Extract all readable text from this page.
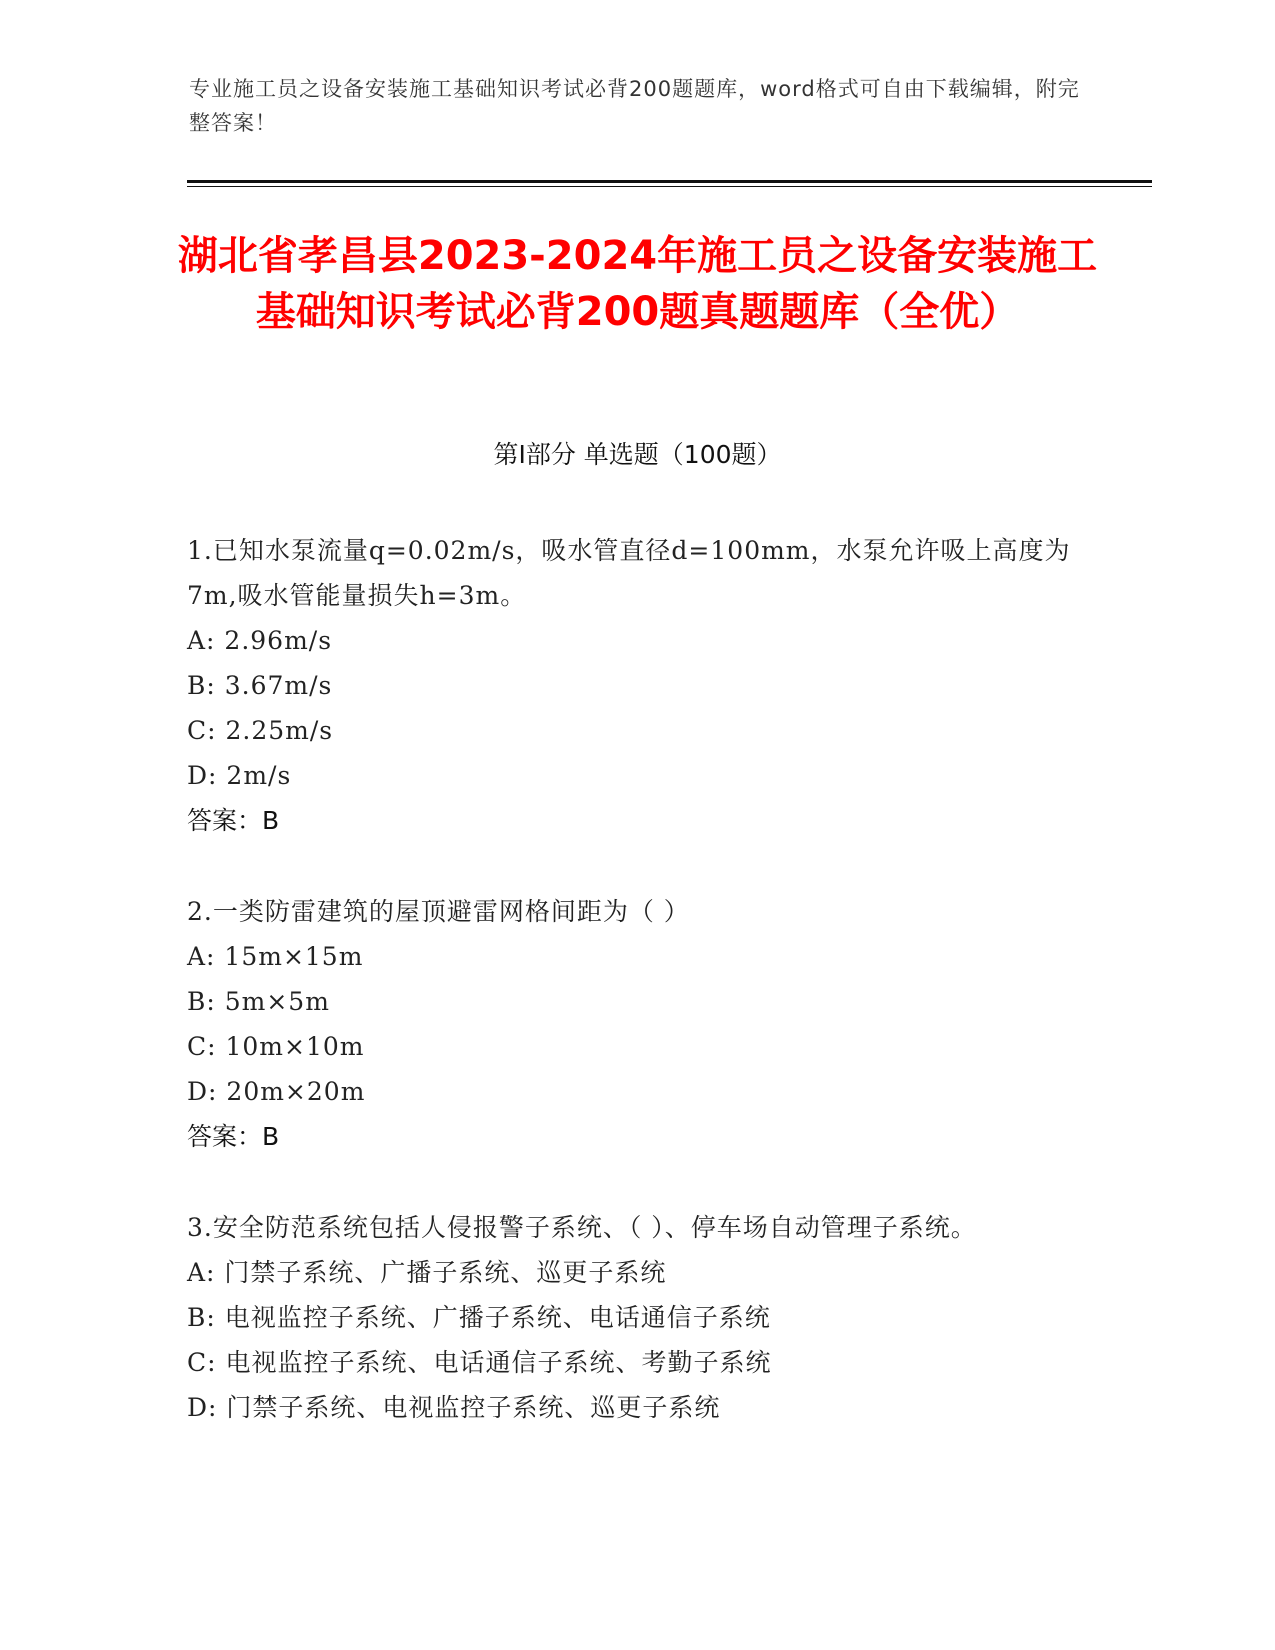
专业施工员之设备安装施工基础知识考试必背200题题库，word格式可自由下载编辑，附完整答案！
湖北省孝昌县2023-2024年施工员之设备安装施工基础知识考试必背200题真题题库（全优）
第Ⅰ部分 单选题（100题）
1.已知水泵流量q=0.02m/s，吸水管直径d=100mm，水泵允许吸上高度为7m,吸水管能量损失h=3m。
A: 2.96m/s
B: 3.67m/s
C: 2.25m/s
D: 2m/s
答案：B
2.一类防雷建筑的屋顶避雷网格间距为（ ）
A: 15m×15m
B: 5m×5m
C: 10m×10m
D: 20m×20m
答案：B
3.安全防范系统包括人侵报警子系统、（ ）、停车场自动管理子系统。
A: 门禁子系统、广播子系统、巡更子系统
B: 电视监控子系统、广播子系统、电话通信子系统
C: 电视监控子系统、电话通信子系统、考勤子系统
D: 门禁子系统、电视监控子系统、巡更子系统
